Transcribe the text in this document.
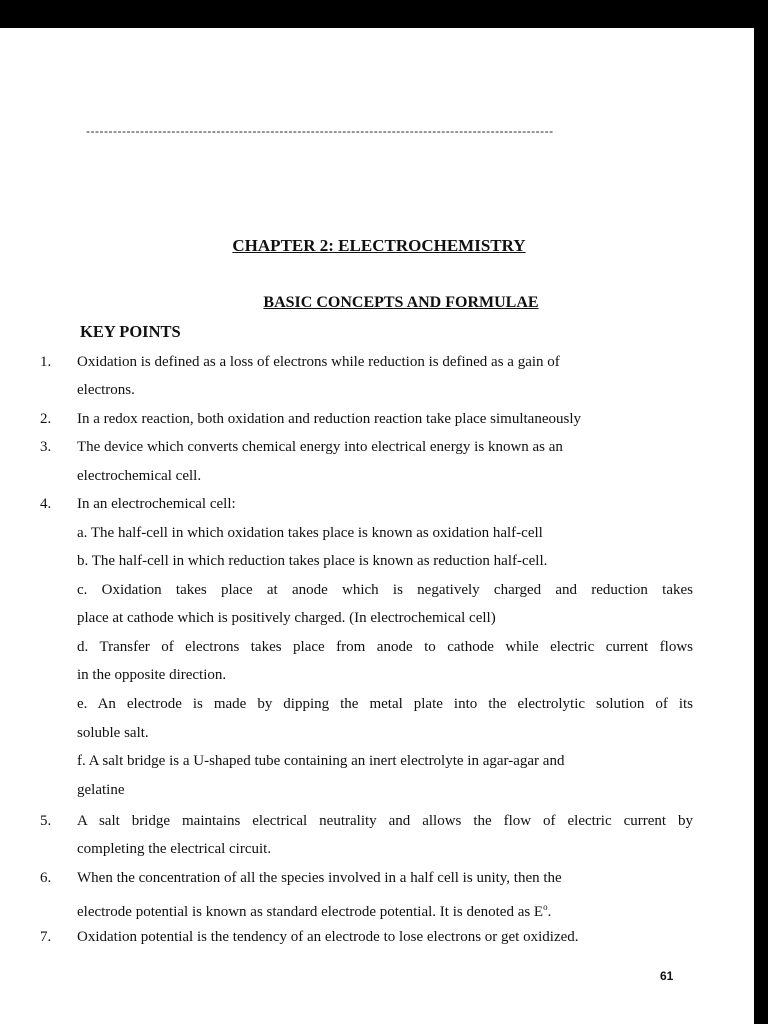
--------------------------------------------------------------------------------------------------------
CHAPTER 2: ELECTROCHEMISTRY
BASIC CONCEPTS AND FORMULAE
KEY POINTS
1. Oxidation is defined as a loss of electrons while reduction is defined as a gain of
electrons.
2. In a redox reaction, both oxidation and reduction reaction take place simultaneously
3. The device which converts chemical energy into electrical energy is known as an
electrochemical cell.
4. In an electrochemical cell:
a. The half-cell in which oxidation takes place is known as oxidation half-cell
b. The half-cell in which reduction takes place is known as reduction half-cell.
c. Oxidation takes place at anode which is negatively charged and reduction takes
place at cathode which is positively charged. (In electrochemical cell)
d. Transfer of electrons takes place from anode to cathode while electric current flows
in the opposite direction.
e. An electrode is made by dipping the metal plate into the electrolytic solution of its
soluble salt.
f. A salt bridge is a U-shaped tube containing an inert electrolyte in agar-agar and
gelatine
5. A salt bridge maintains electrical neutrality and allows the flow of electric current by
completing the electrical circuit.
6. When the concentration of all the species involved in a half cell is unity, then the
electrode potential is known as standard electrode potential. It is denoted as $E^o$.
7. Oxidation potential is the tendency of an electrode to lose electrons or get oxidized.
61
